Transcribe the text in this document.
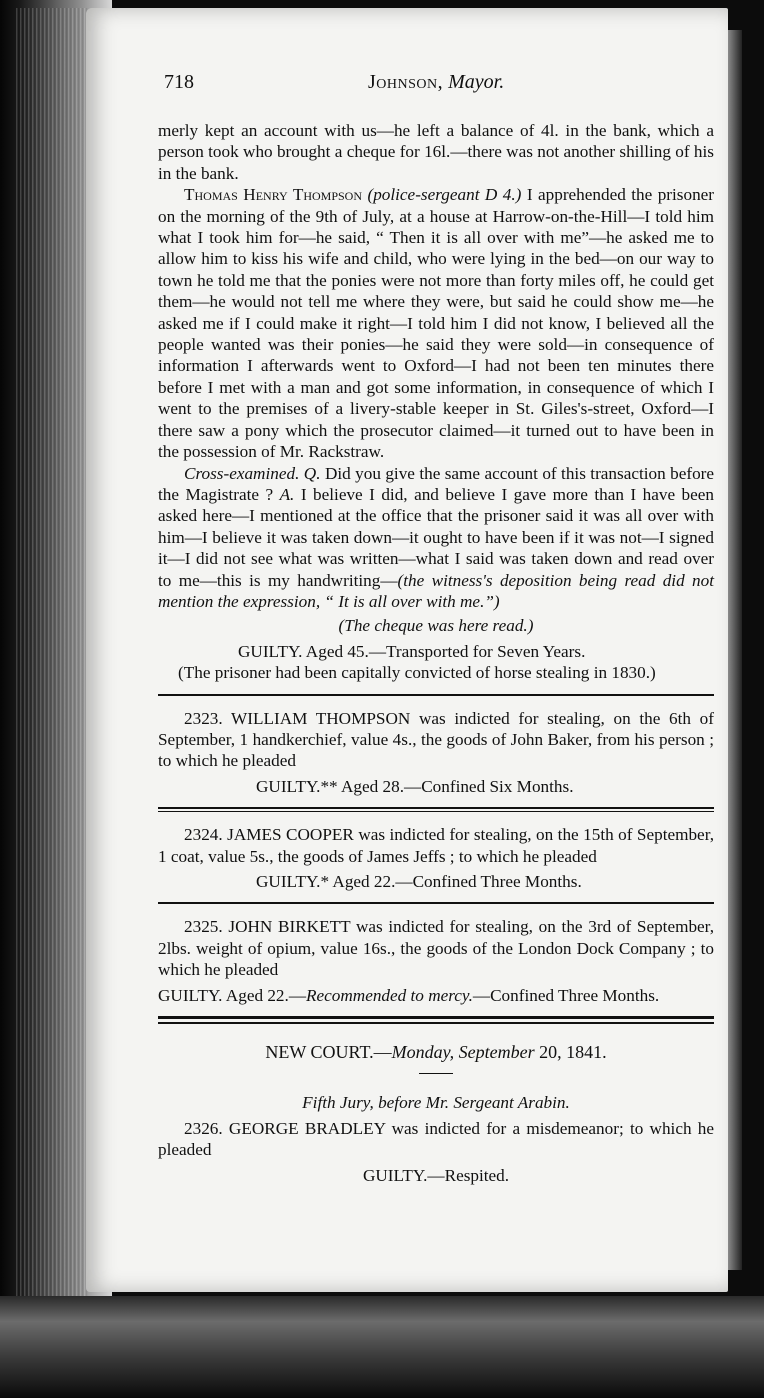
718	Johnson, Mayor.

merly kept an account with us—he left a balance of 4l. in the bank, which a person took who brought a cheque for 16l.—there was not another shilling of his in the bank.

Thomas Henry Thompson (police-sergeant D 4.) I apprehended the prisoner on the morning of the 9th of July, at a house at Harrow-on-the-Hill—I told him what I took him for—he said, “ Then it is all over with me”—he asked me to allow him to kiss his wife and child, who were lying in the bed—on our way to town he told me that the ponies were not more than forty miles off, he could get them—he would not tell me where they were, but said he could show me—he asked me if I could make it right—I told him I did not know, I believed all the people wanted was their ponies—he said they were sold—in consequence of information I afterwards went to Oxford—I had not been ten minutes there before I met with a man and got some information, in consequence of which I went to the premises of a livery-stable keeper in St. Giles's-street, Oxford—I there saw a pony which the prosecutor claimed—it turned out to have been in the possession of Mr. Rackstraw.

Cross-examined. Q. Did you give the same account of this transaction before the Magistrate ? A. I believe I did, and believe I gave more than I have been asked here—I mentioned at the office that the prisoner said it was all over with him—I believe it was taken down—it ought to have been if it was not—I signed it—I did not see what was written—what I said was taken down and read over to me—this is my handwriting—(the witness's deposition being read did not mention the expression, “ It is all over with me.”)

(The cheque was here read.)

GUILTY. Aged 45.—Transported for Seven Years.

(The prisoner had been capitally convicted of horse stealing in 1830.)

2323. WILLIAM THOMPSON was indicted for stealing, on the 6th of September, 1 handkerchief, value 4s., the goods of John Baker, from his person ; to which he pleaded

GUILTY.** Aged 28.—Confined Six Months.

2324. JAMES COOPER was indicted for stealing, on the 15th of September, 1 coat, value 5s., the goods of James Jeffs ; to which he pleaded

GUILTY.* Aged 22.—Confined Three Months.

2325. JOHN BIRKETT was indicted for stealing, on the 3rd of September, 2lbs. weight of opium, value 16s., the goods of the London Dock Company ; to which he pleaded

GUILTY. Aged 22.—Recommended to mercy.—Confined Three Months.

NEW COURT.—Monday, September 20, 1841.

Fifth Jury, before Mr. Sergeant Arabin.

2326. GEORGE BRADLEY was indicted for a misdemeanor; to which he pleaded

GUILTY.—Respited.
